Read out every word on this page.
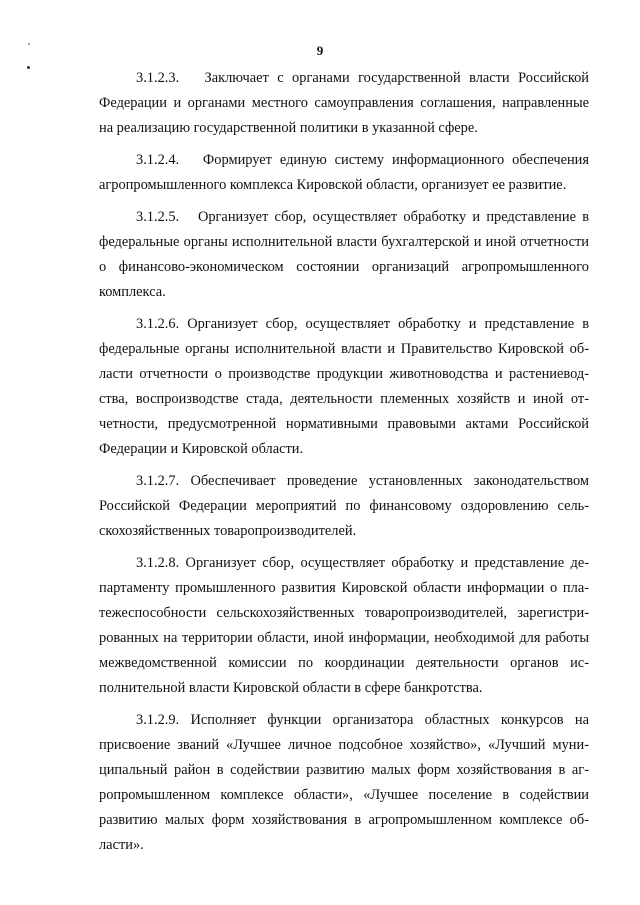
9

3.1.2.3. Заключает с органами государственной власти Российской Федерации и органами местного самоуправления соглашения, направленные на реализацию государственной политики в указанной сфере.

3.1.2.4. Формирует единую систему информационного обеспечения агропромышленного комплекса Кировской области, организует ее развитие.

3.1.2.5. Организует сбор, осуществляет обработку и представление в федеральные органы исполнительной власти бухгалтерской и иной отчетности о финансово-экономическом состоянии организаций агропромышленного комплекса.

3.1.2.6. Организует сбор, осуществляет обработку и представление в федеральные органы исполнительной власти и Правительство Кировской области отчетности о производстве продукции животноводства и растениеводства, воспроизводстве стада, деятельности племенных хозяйств и иной отчетности, предусмотренной нормативными правовыми актами Российской Федерации и Кировской области.

3.1.2.7. Обеспечивает проведение установленных законодательством Российской Федерации мероприятий по финансовому оздоровлению сельскохозяйственных товаропроизводителей.

3.1.2.8. Организует сбор, осуществляет обработку и представление департаменту промышленного развития Кировской области информации о платежеспособности сельскохозяйственных товаропроизводителей, зарегистрированных на территории области, иной информации, необходимой для работы межведомственной комиссии по координации деятельности органов исполнительной власти Кировской области в сфере банкротства.

3.1.2.9. Исполняет функции организатора областных конкурсов на присвоение званий «Лучшее личное подсобное хозяйство», «Лучший муниципальный район в содействии развитию малых форм хозяйствования в агропромышленном комплексе области», «Лучшее поселение в содействии развитию малых форм хозяйствования в агропромышленном комплексе области».
